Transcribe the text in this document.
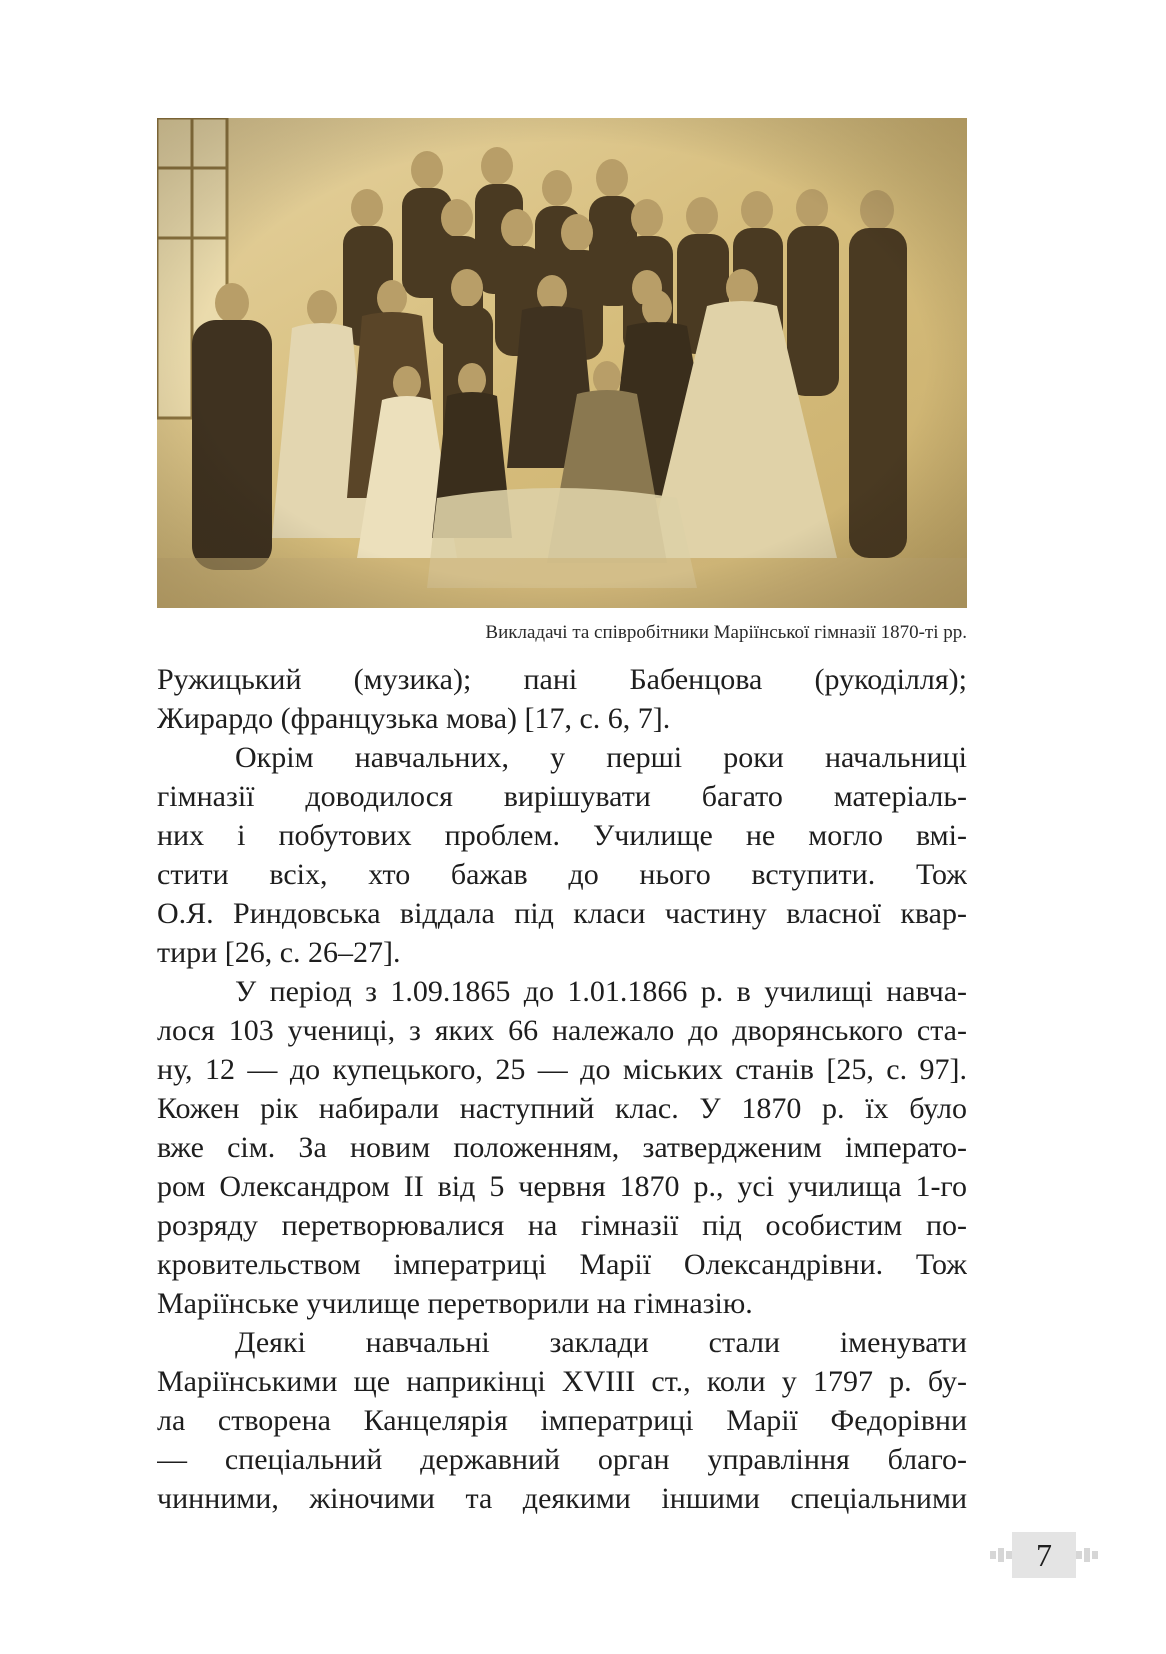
Викладачі та співробітники Маріїнської гімназії 1870-ті рр.
Ружицький (музика); пані Бабенцова (рукоділля);
Жирардо (французька мова) [17, с. 6, 7].
Окрім навчальних, у перші роки начальниці
гімназії доводилося вирішувати багато матеріаль-
них і побутових проблем. Училище не могло вмі-
стити всіх, хто бажав до нього вступити. Тож
О.Я. Риндовська віддала під класи частину власної квар-
тири [26, с. 26–27].
У період з 1.09.1865 до 1.01.1866 р. в училищі навча-
лося 103 учениці, з яких 66 належало до дворянського ста-
ну, 12 — до купецького, 25 — до міських станів [25, с. 97].
Кожен рік набирали наступний клас. У 1870 р. їх було
вже сім. За новим положенням, затвердженим імперато-
ром Олександром ІІ від 5 червня 1870 р., усі училища 1-го
розряду перетворювалися на гімназії під особистим по-
кровительством імператриці Марії Олександрівни. Тож
Маріїнське училище перетворили на гімназію.
Деякі навчальні заклади стали іменувати
Маріїнськими ще наприкінці XVIII ст., коли у 1797 р. бу-
ла створена Канцелярія імператриці Марії Федорівни
— спеціальний державний орган управління благо-
чинними, жіночими та деякими іншими спеціальними
7
